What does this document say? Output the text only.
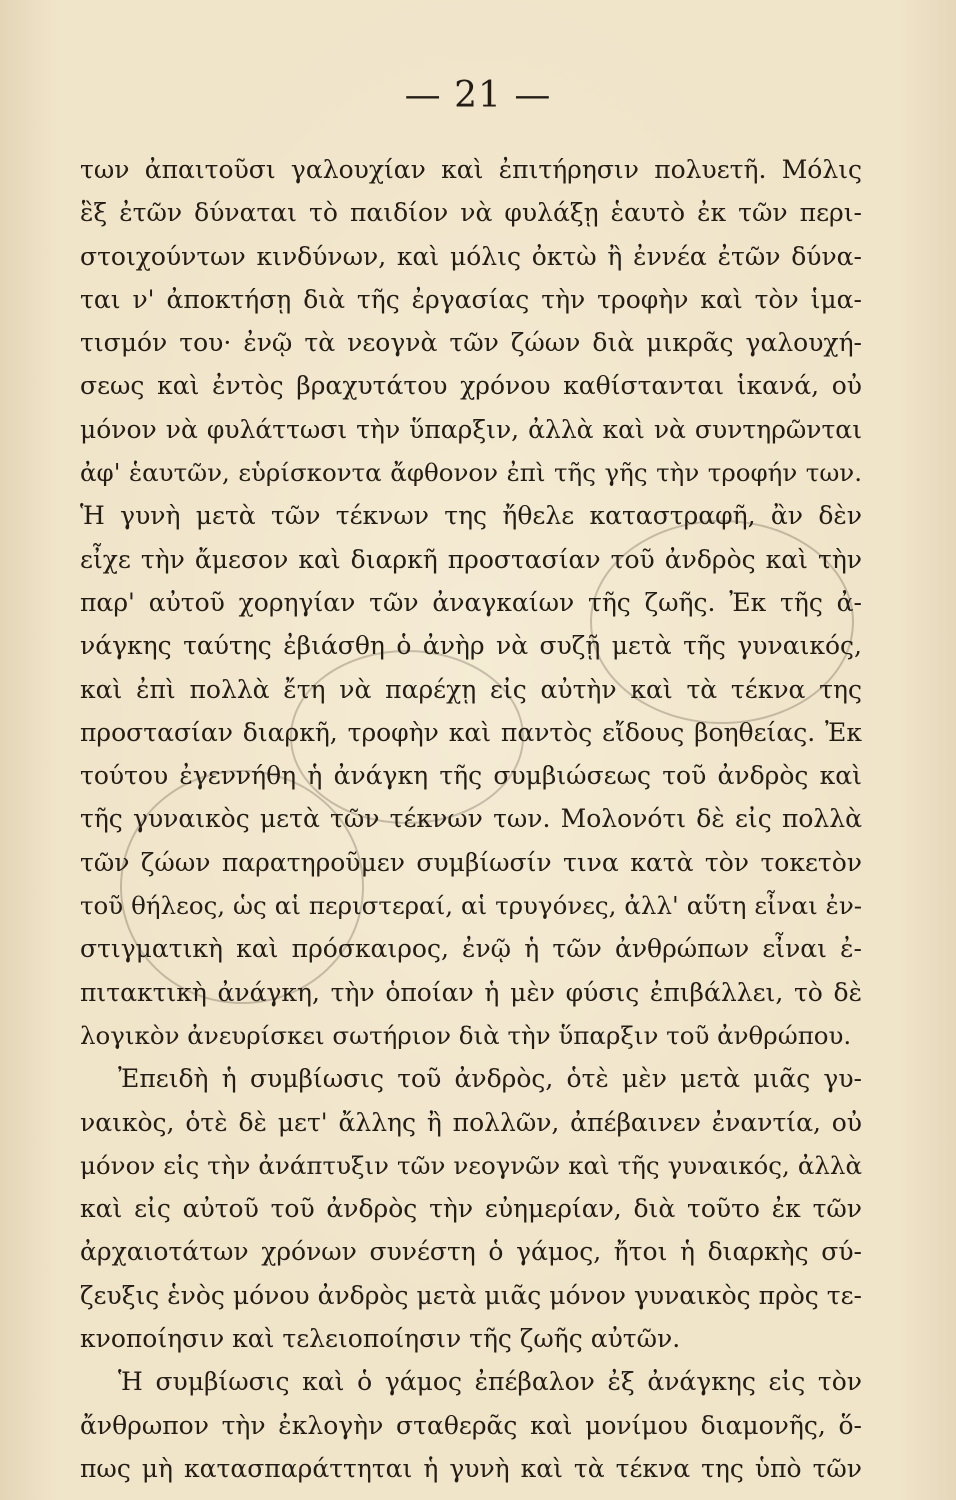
— 21 —
των ἀπαιτοῦσι γαλουχίαν καὶ ἐπιτήρησιν πολυετῆ. Μόλις
ἓξ ἐτῶν δύναται τὸ παιδίον νὰ φυλάξῃ ἑαυτὸ ἐκ τῶν περι-
στοιχούντων κινδύνων, καὶ μόλις ὀκτὼ ἢ ἐννέα ἐτῶν δύνα-
ται ν' ἀποκτήσῃ διὰ τῆς ἐργασίας τὴν τροφὴν καὶ τὸν ἱμα-
τισμόν του· ἐνῷ τὰ νεογνὰ τῶν ζώων διὰ μικρᾶς γαλουχή-
σεως καὶ ἐντὸς βραχυτάτου χρόνου καθίστανται ἱκανά, οὐ
μόνον νὰ φυλάττωσι τὴν ὕπαρξιν, ἀλλὰ καὶ νὰ συντηρῶνται
ἀφ' ἑαυτῶν, εὑρίσκοντα ἄφθονον ἐπὶ τῆς γῆς τὴν τροφήν των.
Ἡ γυνὴ μετὰ τῶν τέκνων της ἤθελε καταστραφῆ, ἂν δὲν
εἶχε τὴν ἄμεσον καὶ διαρκῆ προστασίαν τοῦ ἀνδρὸς καὶ τὴν
παρ' αὐτοῦ χορηγίαν τῶν ἀναγκαίων τῆς ζωῆς. Ἐκ τῆς ἀ-
νάγκης ταύτης ἐβιάσθη ὁ ἀνὴρ νὰ συζῇ μετὰ τῆς γυναικός,
καὶ ἐπὶ πολλὰ ἔτη νὰ παρέχῃ εἰς αὐτὴν καὶ τὰ τέκνα της
προστασίαν διαρκῆ, τροφὴν καὶ παντὸς εἴδους βοηθείας. Ἐκ
τούτου ἐγεννήθη ἡ ἀνάγκη τῆς συμβιώσεως τοῦ ἀνδρὸς καὶ
τῆς γυναικὸς μετὰ τῶν τέκνων των. Μολονότι δὲ εἰς πολλὰ
τῶν ζώων παρατηροῦμεν συμβίωσίν τινα κατὰ τὸν τοκετὸν
τοῦ θήλεος, ὡς αἱ περιστεραί, αἱ τρυγόνες, ἀλλ' αὕτη εἶναι ἐν-
στιγματικὴ καὶ πρόσκαιρος, ἐνῷ ἡ τῶν ἀνθρώπων εἶναι ἐ-
πιτακτικὴ ἀνάγκη, τὴν ὁποίαν ἡ μὲν φύσις ἐπιβάλλει, τὸ δὲ
λογικὸν ἀνευρίσκει σωτήριον διὰ τὴν ὕπαρξιν τοῦ ἀνθρώπου.
Ἐπειδὴ ἡ συμβίωσις τοῦ ἀνδρὸς, ὁτὲ μὲν μετὰ μιᾶς γυ-
ναικὸς, ὁτὲ δὲ μετ' ἄλλης ἢ πολλῶν, ἀπέβαινεν ἐναντία, οὐ
μόνον εἰς τὴν ἀνάπτυξιν τῶν νεογνῶν καὶ τῆς γυναικός, ἀλλὰ
καὶ εἰς αὐτοῦ τοῦ ἀνδρὸς τὴν εὐημερίαν, διὰ τοῦτο ἐκ τῶν
ἀρχαιοτάτων χρόνων συνέστη ὁ γάμος, ἤτοι ἡ διαρκὴς σύ-
ζευξις ἑνὸς μόνου ἀνδρὸς μετὰ μιᾶς μόνον γυναικὸς πρὸς τε-
κνοποίησιν καὶ τελειοποίησιν τῆς ζωῆς αὐτῶν.
Ἡ συμβίωσις καὶ ὁ γάμος ἐπέβαλον ἐξ ἀνάγκης εἰς τὸν
ἄνθρωπον τὴν ἐκλογὴν σταθερᾶς καὶ μονίμου διαμονῆς, ὅ-
πως μὴ κατασπαράττηται ἡ γυνὴ καὶ τὰ τέκνα της ὑπὸ τῶν
